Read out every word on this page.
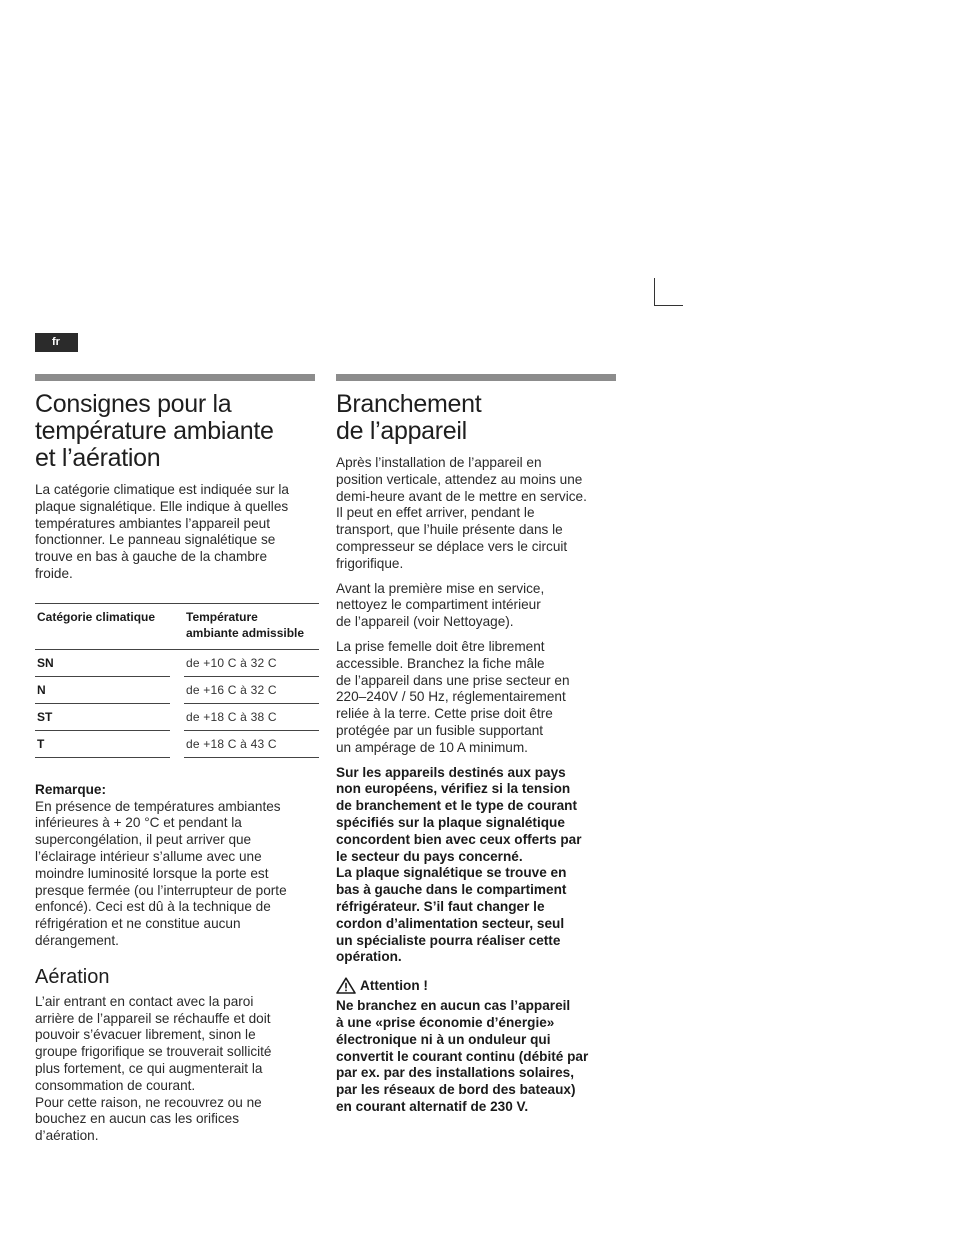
fr
Consignes pour la
température ambiante
et l’aération

La catégorie climatique est indiquée sur la
plaque signalétique. Elle indique à quelles
températures ambiantes l’appareil peut
fonctionner. Le panneau signalétique se
trouve en bas à gauche de la chambre
froide.

Catégorie climatique		Température
ambiante admissible
SN		de +10 C à 32 C
N		de +16 C à 32 C
ST		de +18 C à 38 C
T		de +18 C à 43 C
Remarque:

En présence de températures ambiantes
inférieures à + 20 °C et pendant la
supercongélation, il peut arriver que
l’éclairage intérieur s’allume avec une
moindre luminosité lorsque la porte est
presque fermée (ou l’interrupteur de porte
enfoncé). Ceci est dû à la technique de
réfrigération et ne constitue aucun
dérangement.

Aération

L’air entrant en contact avec la paroi
arrière de l’appareil se réchauffe et doit
pouvoir s’évacuer librement, sinon le
groupe frigorifique se trouverait sollicité
plus fortement, ce qui augmenterait la
consommation de courant.
Pour cette raison, ne recouvrez ou ne
bouchez en aucun cas les orifices
d’aération.

Branchement
de l’appareil

Après l’installation de l’appareil en
position verticale, attendez au moins une
demi-heure avant de le mettre en service.
Il peut en effet arriver, pendant le
transport, que l’huile présente dans le
compresseur se déplace vers le circuit
frigorifique.

Avant la première mise en service,
nettoyez le compartiment intérieur
de l’appareil (voir Nettoyage).

La prise femelle doit être librement
accessible. Branchez la fiche mâle
de l’appareil dans une prise secteur en
220–240V / 50 Hz, réglementairement
reliée à la terre. Cette prise doit être
protégée par un fusible supportant
un ampérage de 10 A minimum.

Sur les appareils destinés aux pays
non européens, vérifiez si la tension
de branchement et le type de courant
spécifiés sur la plaque signalétique
concordent bien avec ceux offerts par
le secteur du pays concerné.
La plaque signalétique se trouve en
bas à gauche dans le compartiment
réfrigérateur. S’il faut changer le
cordon d’alimentation secteur, seul
un spécialiste pourra réaliser cette
opération.

Attention !

Ne branchez en aucun cas l’appareil
à une «prise économie d’énergie»
électronique ni à un onduleur qui
convertit le courant continu (débité par
par ex. par des installations solaires,
par les réseaux de bord des bateaux)
en courant alternatif de 230 V.
